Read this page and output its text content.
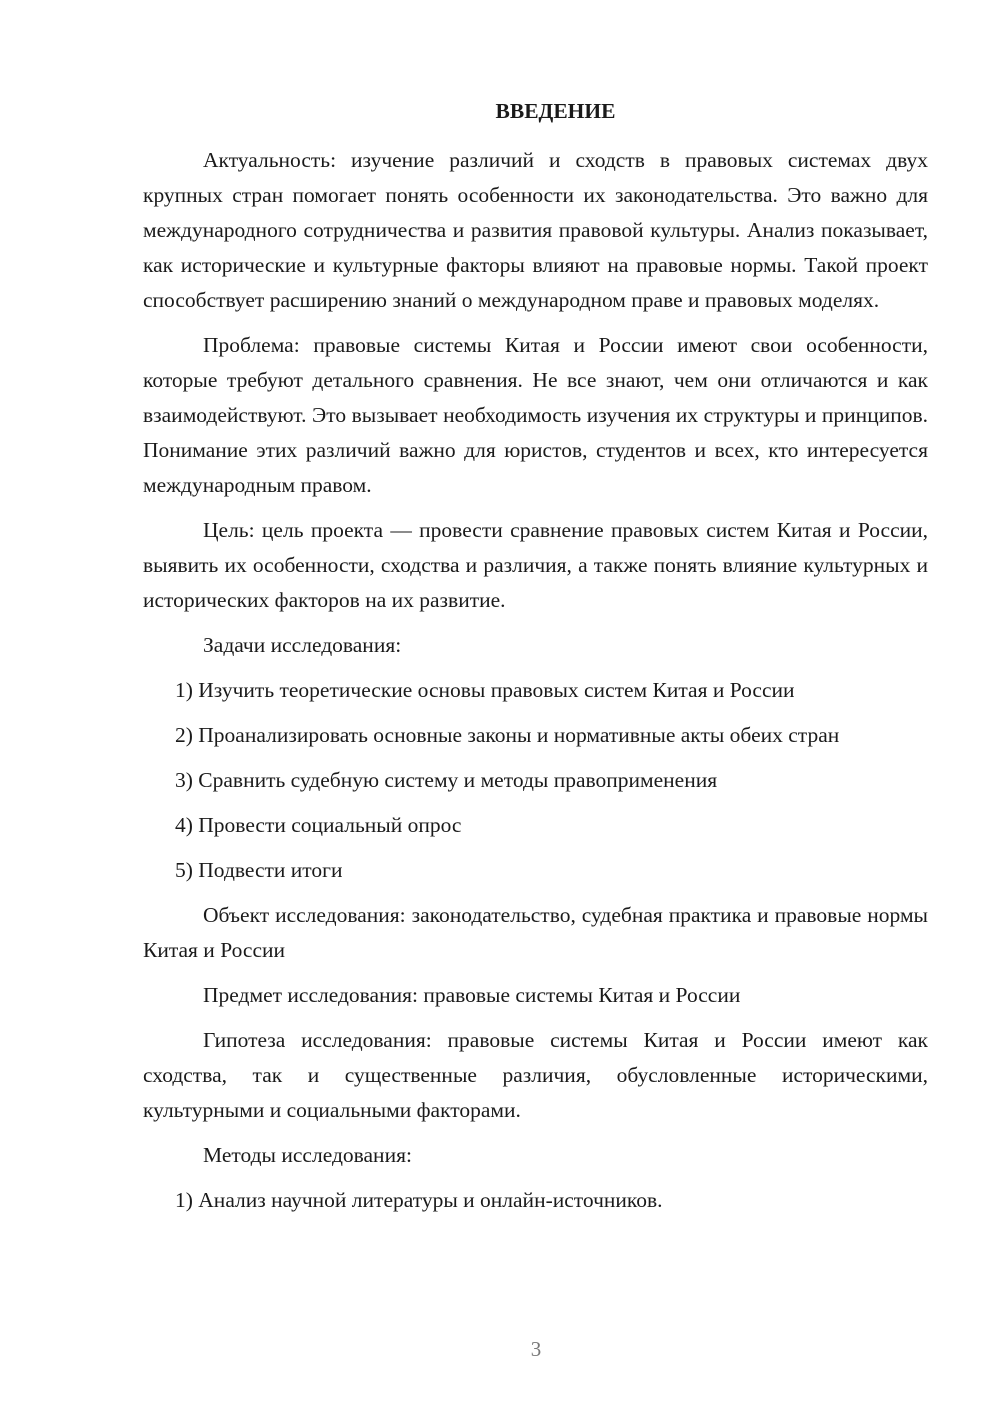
ВВЕДЕНИЕ

Актуальность: изучение различий и сходств в правовых системах двух крупных стран помогает понять особенности их законодательства. Это важно для международного сотрудничества и развития правовой культуры. Анализ показывает, как исторические и культурные факторы влияют на правовые нормы. Такой проект способствует расширению знаний о международном праве и правовых моделях.

Проблема: правовые системы Китая и России имеют свои особенности, которые требуют детального сравнения. Не все знают, чем они отличаются и как взаимодействуют. Это вызывает необходимость изучения их структуры и принципов. Понимание этих различий важно для юристов, студентов и всех, кто интересуется международным правом.

Цель: цель проекта — провести сравнение правовых систем Китая и России, выявить их особенности, сходства и различия, а также понять влияние культурных и исторических факторов на их развитие.

Задачи исследования:

1) Изучить теоретические основы правовых систем Китая и России

2) Проанализировать основные законы и нормативные акты обеих стран

3) Сравнить судебную систему и методы правоприменения

4) Провести социальный опрос

5) Подвести итоги

Объект исследования: законодательство, судебная практика и правовые нормы Китая и России

Предмет исследования: правовые системы Китая и России

Гипотеза исследования: правовые системы Китая и России имеют как сходства, так и существенные различия, обусловленные историческими, культурными и социальными факторами.

Методы исследования:

1) Анализ научной литературы и онлайн-источников.

3
